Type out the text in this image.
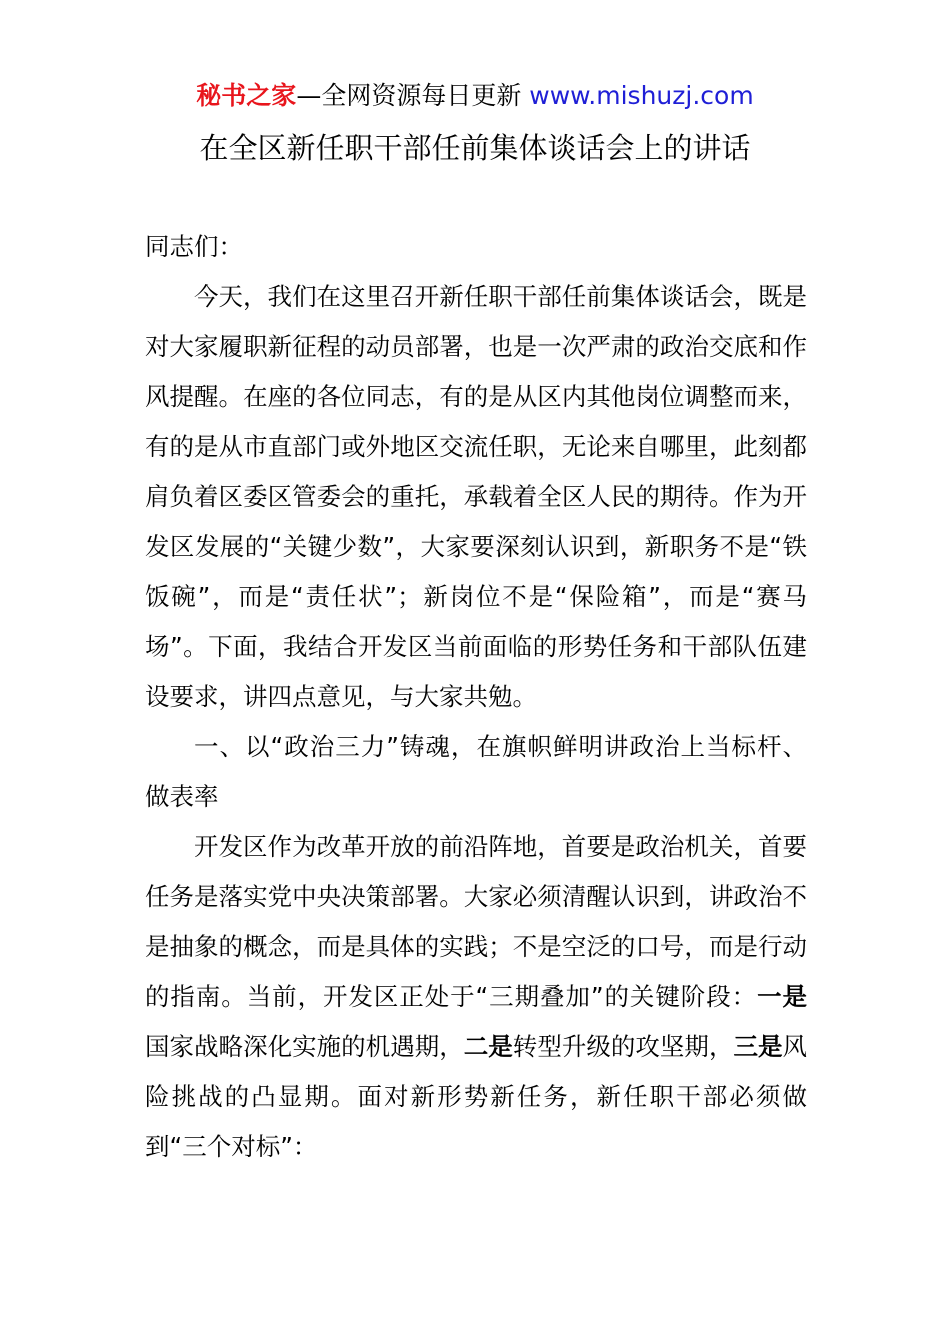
秘书之家—全网资源每日更新 www.mishuzj.com
在全区新任职干部任前集体谈话会上的讲话

同志们：

今天，我们在这里召开新任职干部任前集体谈话会，既是对大家履职新征程的动员部署，也是一次严肃的政治交底和作风提醒。在座的各位同志，有的是从区内其他岗位调整而来，有的是从市直部门或外地区交流任职，无论来自哪里，此刻都肩负着区委区管委会的重托，承载着全区人民的期待。作为开发区发展的“关键少数”，大家要深刻认识到，新职务不是“铁饭碗”，而是“责任状”；新岗位不是“保险箱”，而是“赛马场”。下面，我结合开发区当前面临的形势任务和干部队伍建设要求，讲四点意见，与大家共勉。

一、以“政治三力”铸魂，在旗帜鲜明讲政治上当标杆、做表率

开发区作为改革开放的前沿阵地，首要是政治机关，首要任务是落实党中央决策部署。大家必须清醒认识到，讲政治不是抽象的概念，而是具体的实践；不是空泛的口号，而是行动的指南。当前，开发区正处于“三期叠加”的关键阶段：一是国家战略深化实施的机遇期，二是转型升级的攻坚期，三是风险挑战的凸显期。面对新形势新任务，新任职干部必须做到“三个对标”：
